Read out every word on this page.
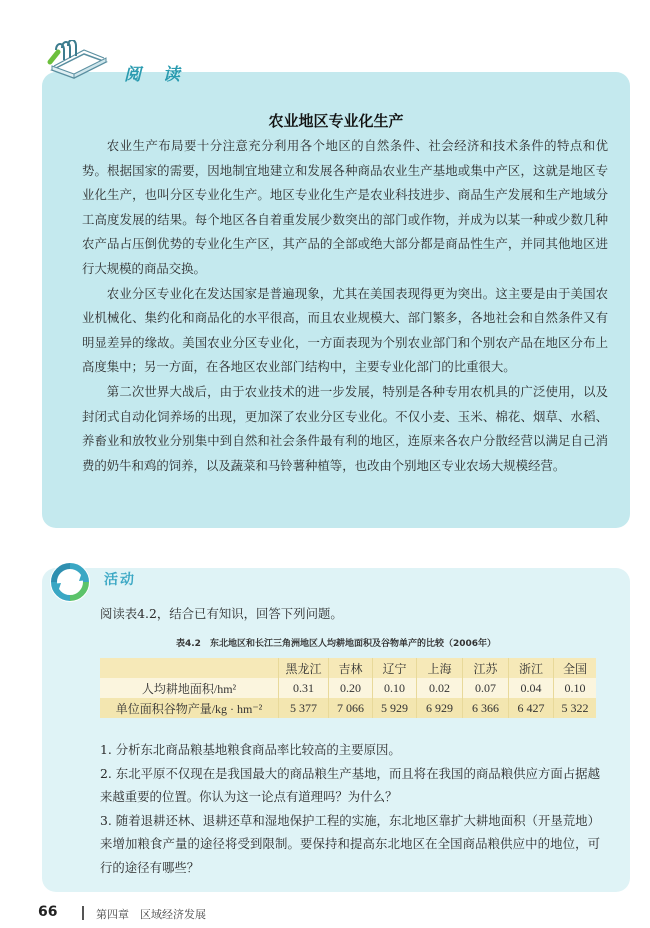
阅 读
农业地区专业化生产

农业生产布局要十分注意充分利用各个地区的自然条件、社会经济和技术条件的特点和优势。根据国家的需要，因地制宜地建立和发展各种商品农业生产基地或集中产区，这就是地区专业化生产，也叫分区专业化生产。地区专业化生产是农业科技进步、商品生产发展和生产地域分工高度发展的结果。每个地区各自着重发展少数突出的部门或作物，并成为以某一种或少数几种农产品占压倒优势的专业化生产区，其产品的全部或绝大部分都是商品性生产，并同其他地区进行大规模的商品交换。

农业分区专业化在发达国家是普遍现象，尤其在美国表现得更为突出。这主要是由于美国农业机械化、集约化和商品化的水平很高，而且农业规模大、部门繁多，各地社会和自然条件又有明显差异的缘故。美国农业分区专业化，一方面表现为个别农业部门和个别农产品在地区分布上高度集中；另一方面，在各地区农业部门结构中，主要专业化部门的比重很大。

第二次世界大战后，由于农业技术的进一步发展，特别是各种专用农机具的广泛使用，以及封闭式自动化饲养场的出现，更加深了农业分区专业化。不仅小麦、玉米、棉花、烟草、水稻、养畜业和放牧业分别集中到自然和社会条件最有利的地区，连原来各农户分散经营以满足自己消费的奶牛和鸡的饲养，以及蔬菜和马铃薯种植等，也改由个别地区专业农场大规模经营。

活动
阅读表4.2，结合已有知识，回答下列问题。
表4.2　东北地区和长江三角洲地区人均耕地面积及谷物单产的比较（2006年）
	黑龙江	吉林	辽宁	上海	江苏	浙江	全国
人均耕地面积/hm²	0.31	0.20	0.10	0.02	0.07	0.04	0.10
单位面积谷物产量/kg · hm⁻²	5 377	7 066	5 929	6 929	6 366	6 427	5 322

1. 分析东北商品粮基地粮食商品率比较高的主要原因。

2. 东北平原不仅现在是我国最大的商品粮生产基地，而且将在我国的商品粮供应方面占据越来越重要的位置。你认为这一论点有道理吗？为什么？

3. 随着退耕还林、退耕还草和湿地保护工程的实施，东北地区靠扩大耕地面积（开垦荒地）来增加粮食产量的途径将受到限制。要保持和提高东北地区在全国商品粮供应中的地位，可行的途径有哪些？

66	第四章　区域经济发展
